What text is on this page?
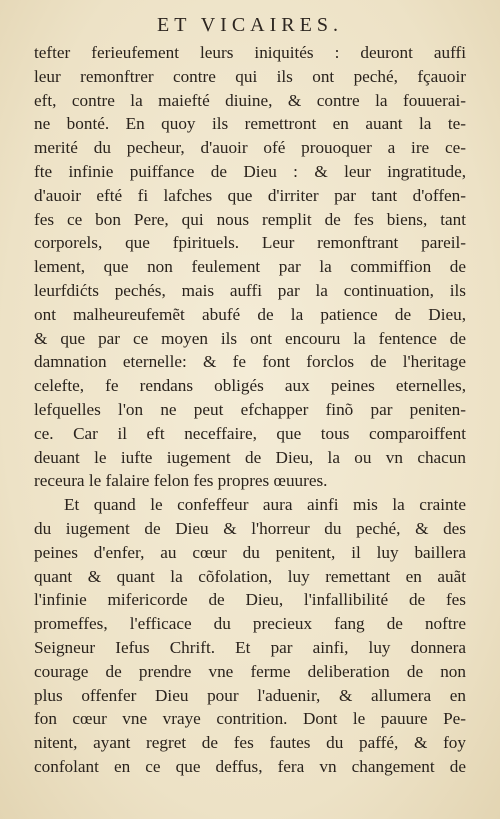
ET VICAIRES.
tefter ferieufement leurs iniquités : deuront auffi
leur remonftrer contre qui ils ont peché, fçauoir
eft, contre la maiefté diuine, & contre la fouuerai-
ne bonté. En quoy ils remettront en auant la te-
merité du pecheur, d'auoir ofé prouoquer a ire ce-
fte infinie puiffance de Dieu : & leur ingratitude,
d'auoir efté fi lafches que d'irriter par tant d'offen-
fes ce bon Pere, qui nous remplit de fes biens, tant
corporels, que fpirituels. Leur remonftrant pareil-
lement, que non feulement par la commiffion de
leurfdićts pechés, mais auffi par la continuation, ils
ont malheureufemẽt abufé de la patience de Dieu,
& que par ce moyen ils ont encouru la fentence de
damnation eternelle: & fe font forclos de l'heritage
celefte, fe rendans obligés aux peines eternelles,
lefquelles l'on ne peut efchapper finõ par peniten-
ce. Car il eft neceffaire, que tous comparoiffent
deuant le iufte iugement de Dieu, la ou vn chacun
receura le falaire felon fes propres œuures.
Et quand le confeffeur aura ainfi mis la crainte
du iugement de Dieu & l'horreur du peché, & des
peines d'enfer, au cœur du penitent, il luy baillera
quant & quant la cõfolation, luy remettant en auãt
l'infinie mifericorde de Dieu, l'infallibilité de fes
promeffes, l'efficace du precieux fang de noftre
Seigneur Iefus Chrift. Et par ainfi, luy donnera
courage de prendre vne ferme deliberation de non
plus offenfer Dieu pour l'aduenir, & allumera en
fon cœur vne vraye contrition. Dont le pauure Pe-
nitent, ayant regret de fes fautes du paffé, & foy
confolant en ce que deffus, fera vn changement de
